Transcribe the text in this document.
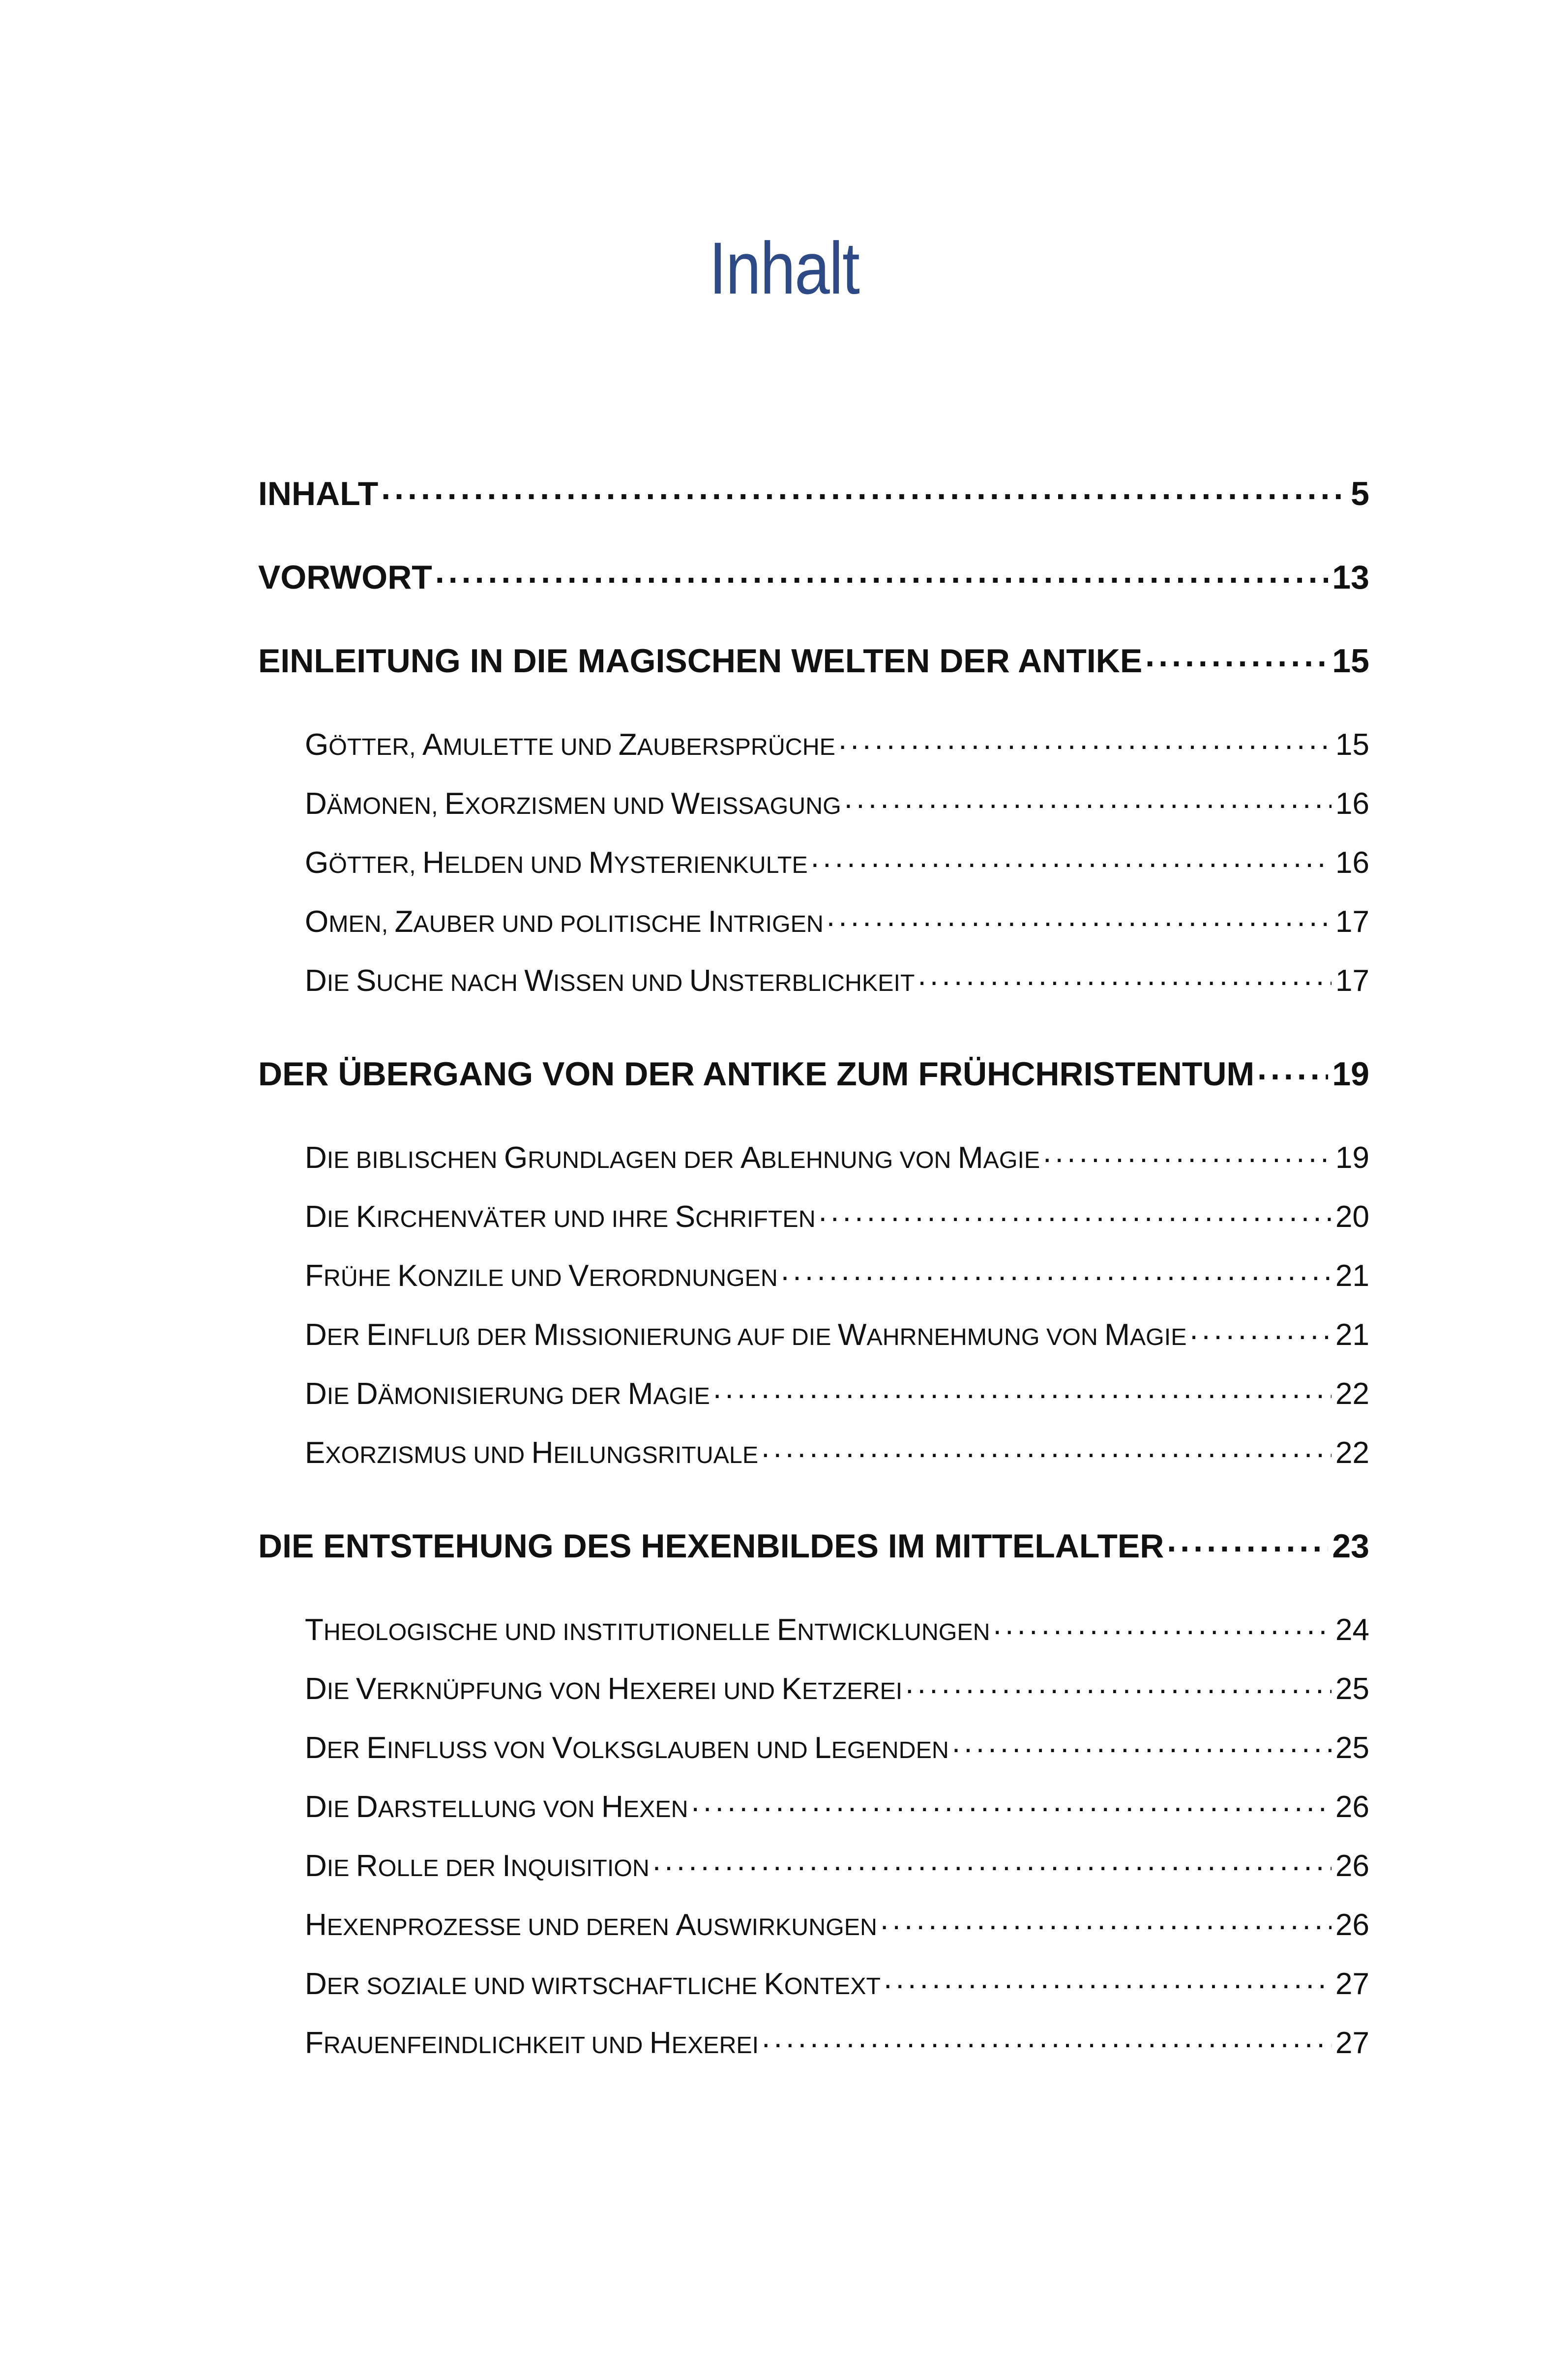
Inhalt
INHALT . . .	5
VORWORT . . .	13
EINLEITUNG IN DIE MAGISCHEN WELTEN DER ANTIKE . . .	15
GÖTTER, AMULETTE UND ZAUBERSPRÜCHE . . .	15
DÄMONEN, EXORZISMEN UND WEISSAGUNG . . .	16
GÖTTER, HELDEN UND MYSTERIENKULTE . . .	16
OMEN, ZAUBER UND POLITISCHE INTRIGEN . . .	17
DIE SUCHE NACH WISSEN UND UNSTERBLICHKEIT . . .	17
DER ÜBERGANG VON DER ANTIKE ZUM FRÜHCHRISTENTUM . . . 19
DIE BIBLISCHEN GRUNDLAGEN DER ABLEHNUNG VON MAGIE . . .	19
DIE KIRCHENVÄTER UND IHRE SCHRIFTEN . . .	20
FRÜHE KONZILE UND VERORDNUNGEN . . .	21
DER EINFLUß DER MISSIONIERUNG AUF DIE WAHRNEHMUNG VON MAGIE . . .	21
DIE DÄMONISIERUNG DER MAGIE . . .	22
EXORZISMUS UND HEILUNGSRITUALE . . .	22
DIE ENTSTEHUNG DES HEXENBILDES IM MITTELALTER . . .	23
THEOLOGISCHE UND INSTITUTIONELLE ENTWICKLUNGEN . . .	24
DIE VERKNÜPFUNG VON HEXEREI UND KETZEREI . . .	25
DER EINFLUSS VON VOLKSGLAUBEN UND LEGENDEN . . .	25
DIE DARSTELLUNG VON HEXEN . . .	26
DIE ROLLE DER INQUISITION . . .	26
HEXENPROZESSE UND DEREN AUSWIRKUNGEN . . .	26
DER SOZIALE UND WIRTSCHAFTLICHE KONTEXT . . .	27
FRAUENFEINDLICHKEIT UND HEXEREI . . .	27
